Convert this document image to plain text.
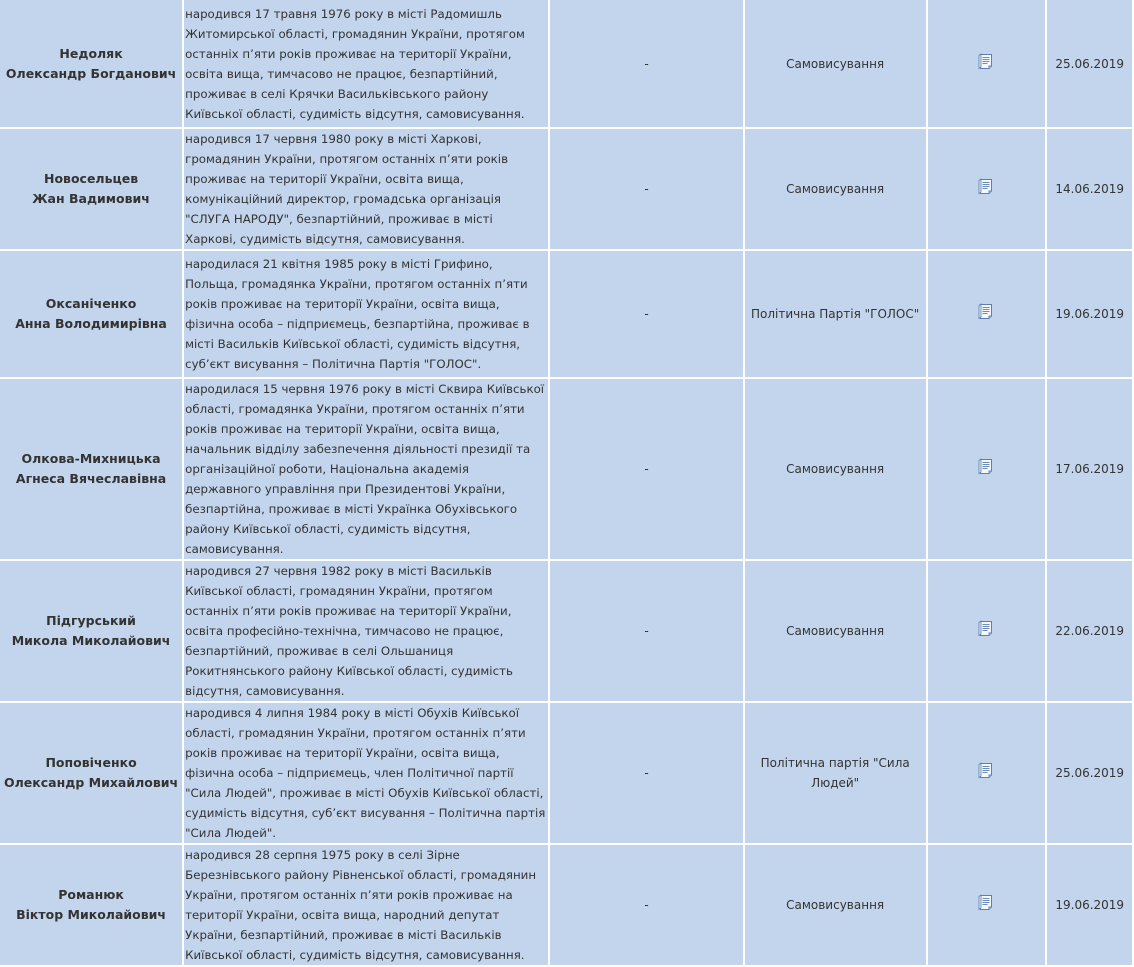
Недоляк
Олександр Богданович	народився 17 травня 1976 року в місті Радомишль Житомирської області, громадянин України, протягом останніх п’яти років проживає на території України, освіта вища, тимчасово не працює, безпартійний, проживає в селі Крячки Васильківського району Київської області, судимість відсутня, самовисування.	-	Самовисування		25.06.2019

Новосельцев
Жан Вадимович	народився 17 червня 1980 року в місті Харкові, громадянин України, протягом останніх п’яти років проживає на території України, освіта вища, комунікаційний директор, громадська організація "СЛУГА НАРОДУ", безпартійний, проживає в місті Харкові, судимість відсутня, самовисування.	-	Самовисування		14.06.2019

Оксаніченко
Анна Володимирівна	народилася 21 квітня 1985 року в місті Грифино, Польща, громадянка України, протягом останніх п’яти років проживає на території України, освіта вища, фізична особа – підприємець, безпартійна, проживає в місті Васильків Київської області, судимість відсутня, суб’єкт висування – Політична Партія "ГОЛОС".	-	Політична Партія "ГОЛОС"		19.06.2019

Олкова-Михницька
Агнеса Вячеславівна	народилася 15 червня 1976 року в місті Сквира Київської області, громадянка України, протягом останніх п’яти років проживає на території України, освіта вища, начальник відділу забезпечення діяльності президії та організаційної роботи, Національна академія державного управління при Президентові України, безпартійна, проживає в місті Українка Обухівського району Київської області, судимість відсутня, самовисування.	-	Самовисування		17.06.2019

Підгурський
Микола Миколайович	народився 27 червня 1982 року в місті Васильків Київської області, громадянин України, протягом останніх п’яти років проживає на території України, освіта професійно-технічна, тимчасово не працює, безпартійний, проживає в селі Ольшаниця Рокитнянського району Київської області, судимість відсутня, самовисування.	-	Самовисування		22.06.2019

Поповіченко
Олександр Михайлович	народився 4 липня 1984 року в місті Обухів Київської області, громадянин України, протягом останніх п’яти років проживає на території України, освіта вища, фізична особа – підприємець, член Політичної партії "Сила Людей", проживає в місті Обухів Київської області, судимість відсутня, суб’єкт висування – Політична партія "Сила Людей".	-	Політична партія "Сила Людей"		25.06.2019

Романюк
Віктор Миколайович	народився 28 серпня 1975 року в селі Зірне Березнівського району Рівненської області, громадянин України, протягом останніх п’яти років проживає на території України, освіта вища, народний депутат України, безпартійний, проживає в місті Васильків Київської області, судимість відсутня, самовисування.	-	Самовисування		19.06.2019
